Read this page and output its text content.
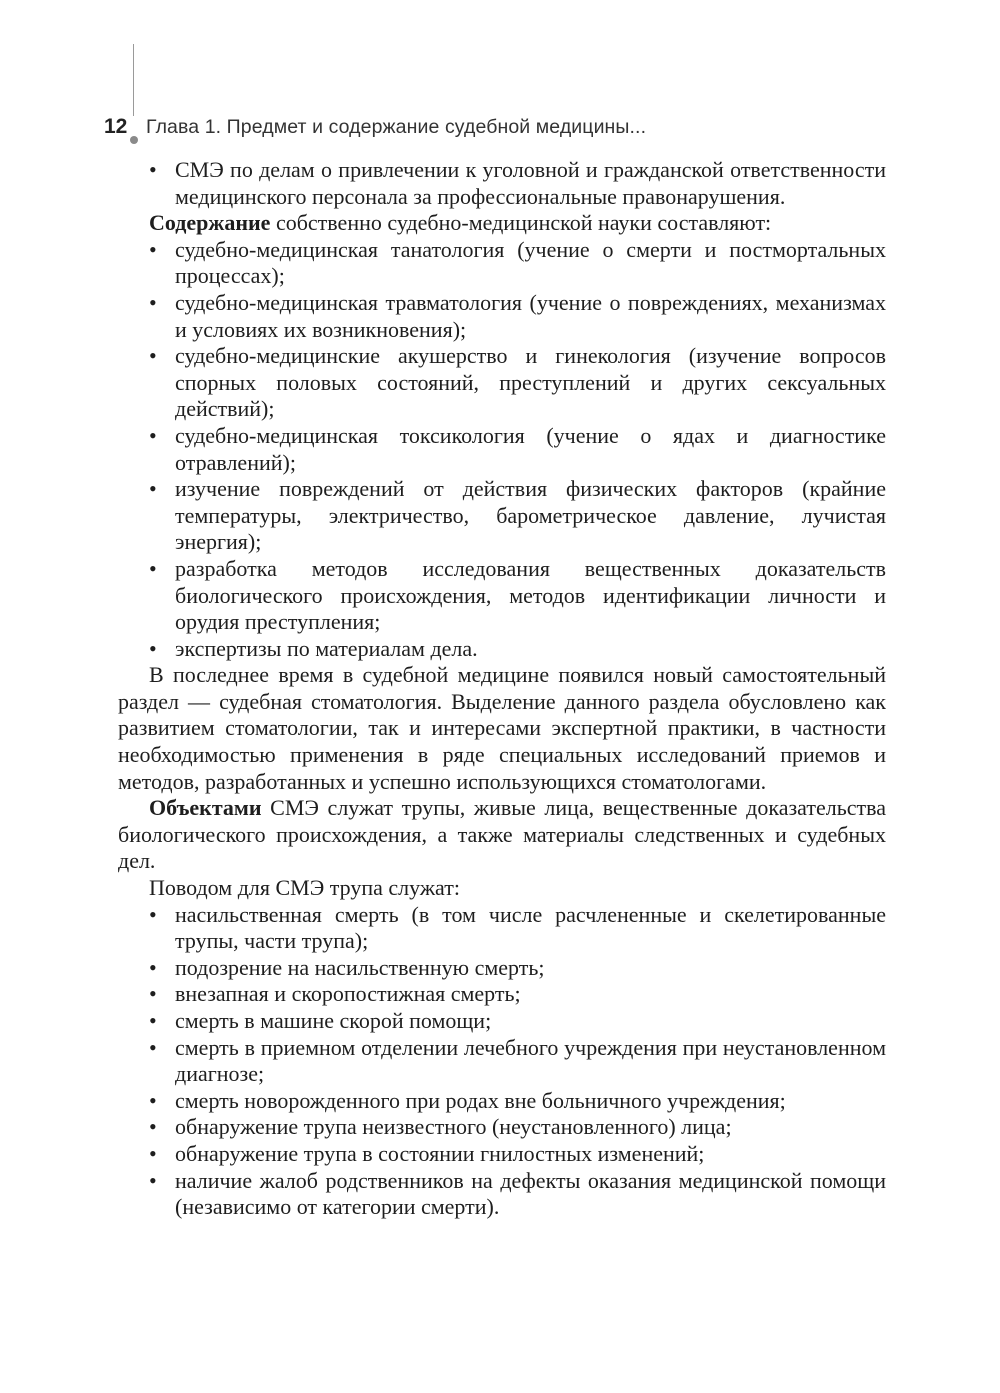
12 Глава 1. Предмет и содержание судебной медицины...
• СМЭ по делам о привлечении к уголовной и гражданской ответственности медицинского персонала за профессиональные правонарушения.

Содержание собственно судебно-медицинской науки составляют:

• судебно-медицинская танатология (учение о смерти и постмортальных процессах);
• судебно-медицинская травматология (учение о повреждениях, механизмах и условиях их возникновения);
• судебно-медицинские акушерство и гинекология (изучение вопросов спорных половых состояний, преступлений и других сексуальных действий);
• судебно-медицинская токсикология (учение о ядах и диагностике отравлений);
• изучение повреждений от действия физических факторов (крайние температуры, электричество, барометрическое давление, лучистая энергия);
• разработка методов исследования вещественных доказательств биологического происхождения, методов идентификации личности и орудия преступления;
• экспертизы по материалам дела.

В последнее время в судебной медицине появился новый самостоятельный раздел — судебная стоматология. Выделение данного раздела обусловлено как развитием стоматологии, так и интересами экспертной практики, в частности необходимостью применения в ряде специальных исследований приемов и методов, разработанных и успешно использующихся стоматологами.

Объектами СМЭ служат трупы, живые лица, вещественные доказательства биологического происхождения, а также материалы следственных и судебных дел.

Поводом для СМЭ трупа служат:

• насильственная смерть (в том числе расчлененные и скелетированные трупы, части трупа);
• подозрение на насильственную смерть;
• внезапная и скоропостижная смерть;
• смерть в машине скорой помощи;
• смерть в приемном отделении лечебного учреждения при неустановленном диагнозе;
• смерть новорожденного при родах вне больничного учреждения;
• обнаружение трупа неизвестного (неустановленного) лица;
• обнаружение трупа в состоянии гнилостных изменений;
• наличие жалоб родственников на дефекты оказания медицинской помощи (независимо от категории смерти).
